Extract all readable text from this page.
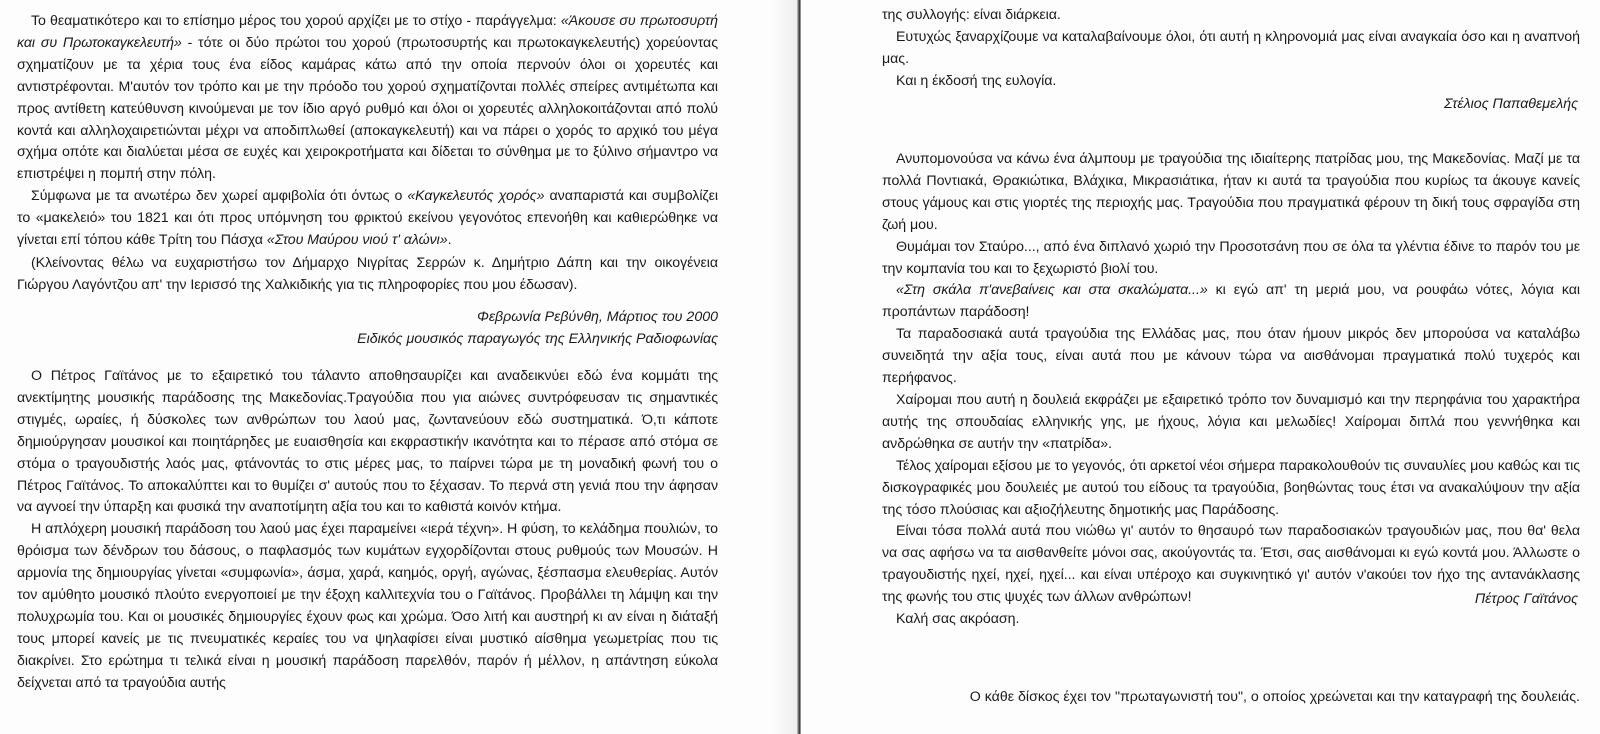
Το θεαματικότερο και το επίσημο μέρος του χορού αρχίζει με το στίχο - παράγγελμα: «Άκουσε συ πρωτοσυρτή και συ Πρωτοκαγκελευτή» - τότε οι δύο πρώτοι του χορού (πρωτοσυρτής και πρωτοκαγκελευτής) χορεύοντας σχηματίζουν με τα χέρια τους ένα είδος καμάρας κάτω από την οποία περνούν όλοι οι χορευτές και αντιστρέφονται. Μ'αυτόν τον τρόπο και με την πρόοδο του χορού σχηματίζονται πολλές σπείρες αντιμέτωπα και προς αντίθετη κατεύθυνση κινούμεναι με τον ίδιο αργό ρυθμό και όλοι οι χορευτές αλληλοκοιτάζονται από πολύ κοντά και αλληλοχαιρετιώνται μέχρι να αποδιπλωθεί (αποκαγκελευτή) και να πάρει ο χορός το αρχικό του μέγα σχήμα οπότε και διαλύεται μέσα σε ευχές και χειροκροτήματα και δίδεται το σύνθημα με το ξύλινο σήμαντρο να επιστρέψει η πομπή στην πόλη.

Σύμφωνα με τα ανωτέρω δεν χωρεί αμφιβολία ότι όντως ο «Καγκελευτός χορός» αναπαριστά και συμβολίζει το «μακελειό» του 1821 και ότι προς υπόμνηση του φρικτού εκείνου γεγονότος επενοήθη και καθιερώθηκε να γίνεται επί τόπου κάθε Τρίτη του Πάσχα «Στου Μαύρου νιού τ' αλώνι».

(Κλείνοντας θέλω να ευχαριστήσω τον Δήμαρχο Νιγρίτας Σερρών κ. Δημήτριο Δάπη και την οικογένεια Γιώργου Λαγόντζου απ' την Ιερισσό της Χαλκιδικής για τις πληροφορίες που μου έδωσαν).

Φεβρωνία Ρεβύνθη, Μάρτιος του 2000
Ειδικός μουσικός παραγωγός της Ελληνικής Ραδιοφωνίας

Ο Πέτρος Γαϊτάνος με το εξαιρετικό του τάλαντο αποθησαυρίζει και αναδεικνύει εδώ ένα κομμάτι της ανεκτίμητης μουσικής παράδοσης της Μακεδονίας.Τραγούδια που για αιώνες συντρόφευσαν τις σημαντικές στιγμές, ωραίες, ή δύσκολες των ανθρώπων του λαού μας, ζωντανεύουν εδώ συστηματικά. Ό,τι κάποτε δημιούργησαν μουσικοί και ποιητάρηδες με ευαισθησία και εκφραστικήν ικανότητα και το πέρασε από στόμα σε στόμα ο τραγουδιστής λαός μας, φτάνοντάς το στις μέρες μας, το παίρνει τώρα με τη μοναδική φωνή του ο Πέτρος Γαϊτάνος. Το αποκαλύπτει και το θυμίζει σ' αυτούς που το ξέχασαν. Το περνά στη γενιά που την άφησαν να αγνοεί την ύπαρξη και φυσικά την αναποτίμητη αξία του και το καθιστά κοινόν κτήμα.

Η απλόχερη μουσική παράδοση του λαού μας έχει παραμείνει «ιερά τέχνη». Η φύση, το κελάδημα πουλιών, το θρόισμα των δένδρων του δάσους, ο παφλασμός των κυμάτων εγχορδίζονται στους ρυθμούς των Μουσών. Η αρμονία της δημιουργίας γίνεται «συμφωνία», άσμα, χαρά, καημός, οργή, αγώνας, ξέσπασμα ελευθερίας. Αυτόν τον αμύθητο μουσικό πλούτο ενεργοποιεί με την έξοχη καλλιτεχνία του ο Γαϊτάνος. Προβάλλει τη λάμψη και την πολυχρωμία του. Και οι μουσικές δημιουργίες έχουν φως και χρώμα. Όσο λιτή και αυστηρή κι αν είναι η διάταξή τους μπορεί κανείς με τις πνευματικές κεραίες του να ψηλαφίσει είναι μυστικό αίσθημα γεωμετρίας που τις διακρίνει. Στο ερώτημα τι τελικά είναι η μουσική παράδοση παρελθόν, παρόν ή μέλλον, η απάντηση εύκολα δείχνεται από τα τραγούδια αυτής

της συλλογής: είναι διάρκεια.

Ευτυχώς ξαναρχίζουμε να καταλαβαίνουμε όλοι, ότι αυτή η κληρονομιά μας είναι αναγκαία όσο και η αναπνοή μας.

Και η έκδοσή της ευλογία.

Στέλιος Παπαθεμελής

Ανυπομονούσα να κάνω ένα άλμπουμ με τραγούδια της ιδιαίτερης πατρίδας μου, της Μακεδονίας. Μαζί με τα πολλά Ποντιακά, Θρακιώτικα, Βλάχικα, Μικρασιάτικα, ήταν κι αυτά τα τραγούδια που κυρίως τα άκουγε κανείς στους γάμους και στις γιορτές της περιοχής μας. Τραγούδια που πραγματικά φέρουν τη δική τους σφραγίδα στη ζωή μου.

Θυμάμαι τον Σταύρο..., από ένα διπλανό χωριό την Προσοτσάνη που σε όλα τα γλέντια έδινε το παρόν του με την κομπανία του και το ξεχωριστό βιολί του.

«Στη σκάλα π'ανεβαίνεις και στα σκαλώματα...» κι εγώ απ' τη μεριά μου, να ρουφάω νότες, λόγια και προπάντων παράδοση!

Τα παραδοσιακά αυτά τραγούδια της Ελλάδας μας, που όταν ήμουν μικρός δεν μπορούσα να καταλάβω συνειδητά την αξία τους, είναι αυτά που με κάνουν τώρα να αισθάνομαι πραγματικά πολύ τυχερός και περήφανος.

Χαίρομαι που αυτή η δουλειά εκφράζει με εξαιρετικό τρόπο τον δυναμισμό και την περηφάνια του χαρακτήρα αυτής της σπουδαίας ελληνικής γης, με ήχους, λόγια και μελωδίες! Χαίρομαι διπλά που γεννήθηκα και ανδρώθηκα σε αυτήν την «πατρίδα».

Τέλος χαίρομαι εξίσου με το γεγονός, ότι αρκετοί νέοι σήμερα παρακολουθούν τις συναυλίες μου καθώς και τις δισκογραφικές μου δουλειές με αυτού του είδους τα τραγούδια, βοηθώντας τους έτσι να ανακαλύψουν την αξία της τόσο πλούσιας και αξιοζήλευτης δημοτικής μας Παράδοσης.

Είναι τόσα πολλά αυτά που νιώθω γι' αυτόν το θησαυρό των παραδοσιακών τραγουδιών μας, που θα' θελα να σας αφήσω να τα αισθανθείτε μόνοι σας, ακούγοντάς τα. Έτσι, σας αισθάνομαι κι εγώ κοντά μου. Άλλωστε ο τραγουδιστής ηχεί, ηχεί, ηχεί... και είναι υπέροχο και συγκινητικό γι' αυτόν ν'ακούει τον ήχο της αντανάκλασης της φωνής του στις ψυχές των άλλων ανθρώπων!

Καλή σας ακρόαση.

Πέτρος Γαϊτάνος
Ο κάθε δίσκος έχει τον "πρωταγωνιστή του", ο οποίος χρεώνεται και την καταγραφή της δουλειάς.
